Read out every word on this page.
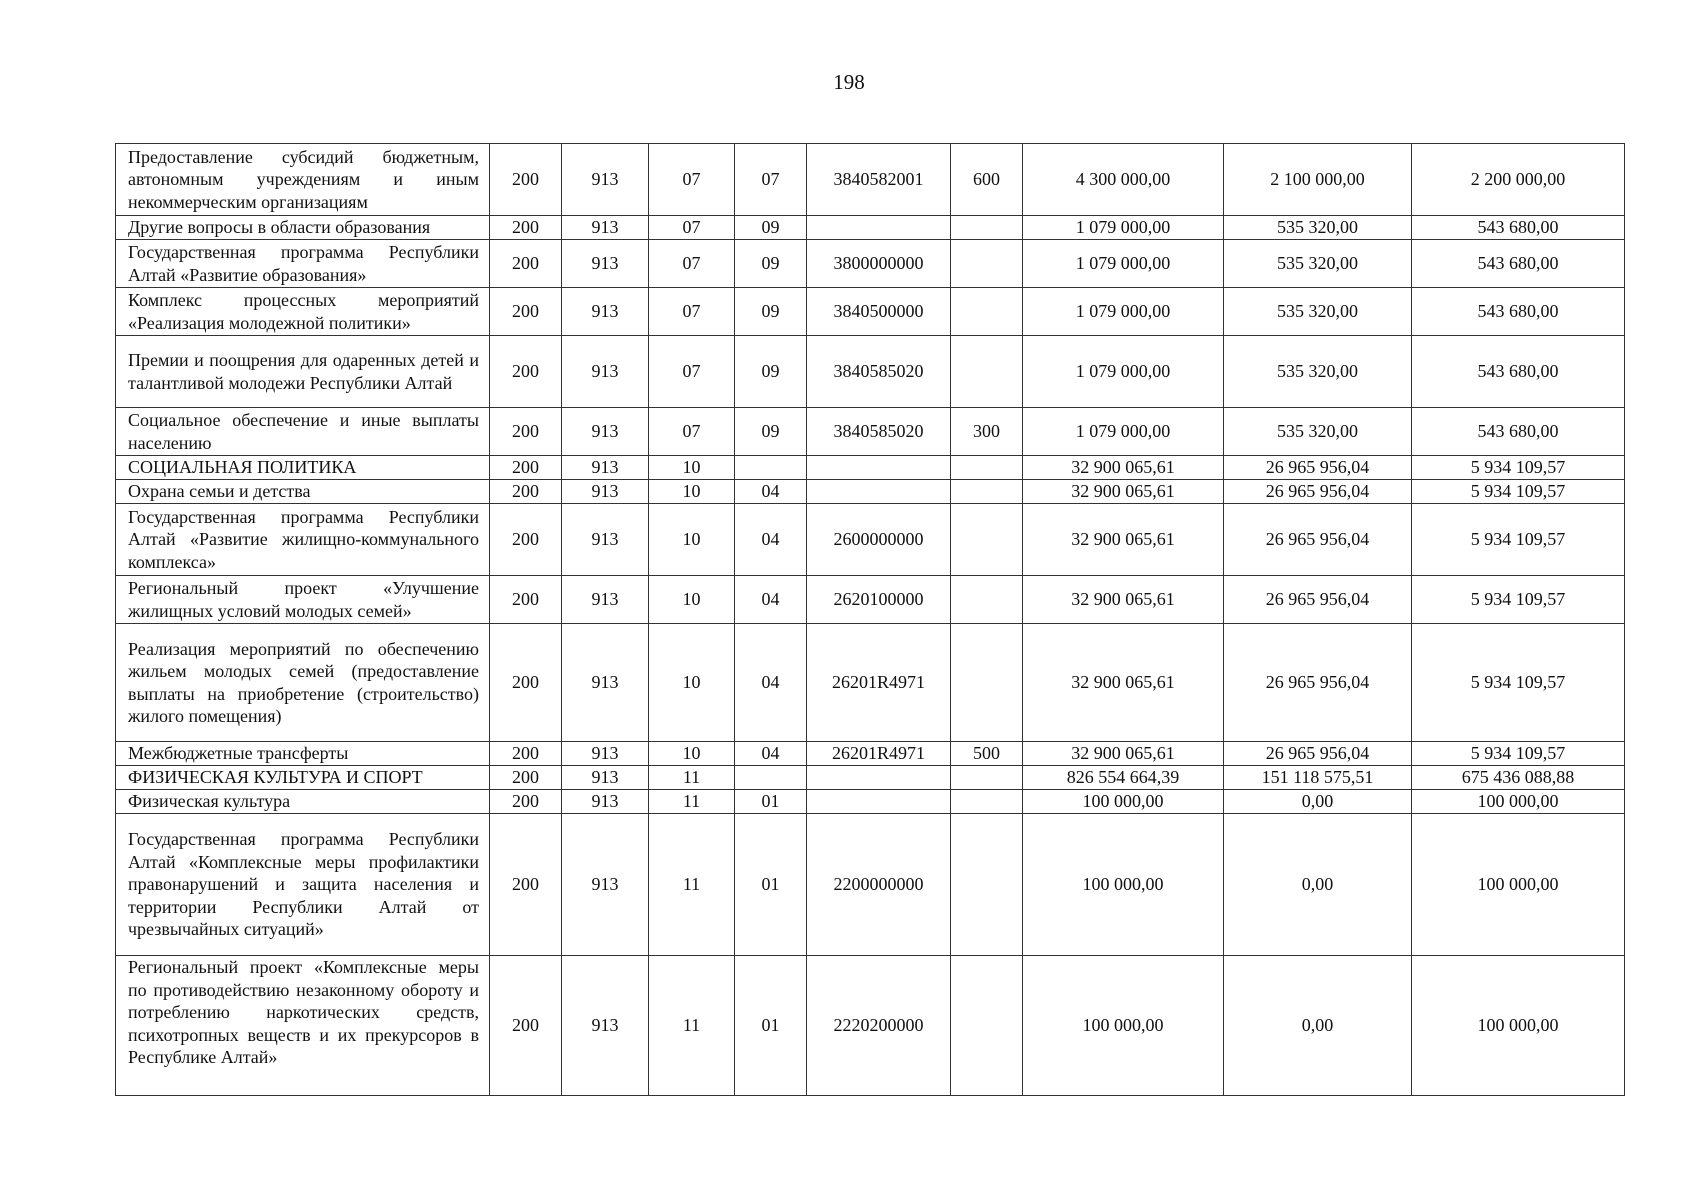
198
Предоставление субсидий бюджетным, автономным учреждениям и иным некоммерческим организациям	200	913	07	07	3840582001	600	4 300 000,00	2 100 000,00	2 200 000,00
Другие вопросы в области образования	200	913	07	09			1 079 000,00	535 320,00	543 680,00
Государственная программа Республики Алтай «Развитие образования»	200	913	07	09	3800000000		1 079 000,00	535 320,00	543 680,00
Комплекс процессных мероприятий «Реализация молодежной политики»	200	913	07	09	3840500000		1 079 000,00	535 320,00	543 680,00
Премии и поощрения для одаренных детей и талантливой молодежи Республики Алтай	200	913	07	09	3840585020		1 079 000,00	535 320,00	543 680,00
Социальное обеспечение и иные выплаты населению	200	913	07	09	3840585020	300	1 079 000,00	535 320,00	543 680,00
СОЦИАЛЬНАЯ ПОЛИТИКА	200	913	10				32 900 065,61	26 965 956,04	5 934 109,57
Охрана семьи и детства	200	913	10	04			32 900 065,61	26 965 956,04	5 934 109,57
Государственная программа Республики Алтай «Развитие жилищно-коммунального комплекса»	200	913	10	04	2600000000		32 900 065,61	26 965 956,04	5 934 109,57
Региональный проект «Улучшение жилищных условий молодых семей»	200	913	10	04	2620100000		32 900 065,61	26 965 956,04	5 934 109,57
Реализация мероприятий по обеспечению жильем молодых семей (предоставление выплаты на приобретение (строительство) жилого помещения)	200	913	10	04	26201R4971		32 900 065,61	26 965 956,04	5 934 109,57
Межбюджетные трансферты	200	913	10	04	26201R4971	500	32 900 065,61	26 965 956,04	5 934 109,57
ФИЗИЧЕСКАЯ КУЛЬТУРА И СПОРТ	200	913	11				826 554 664,39	151 118 575,51	675 436 088,88
Физическая культура	200	913	11	01			100 000,00	0,00	100 000,00
Государственная программа Республики Алтай «Комплексные меры профилактики правонарушений и защита населения и территории Республики Алтай от чрезвычайных ситуаций»	200	913	11	01	2200000000		100 000,00	0,00	100 000,00
Региональный проект «Комплексные меры по противодействию незаконному обороту и потреблению наркотических средств, психотропных веществ и их прекурсоров в Республике Алтай»	200	913	11	01	2220200000		100 000,00	0,00	100 000,00
